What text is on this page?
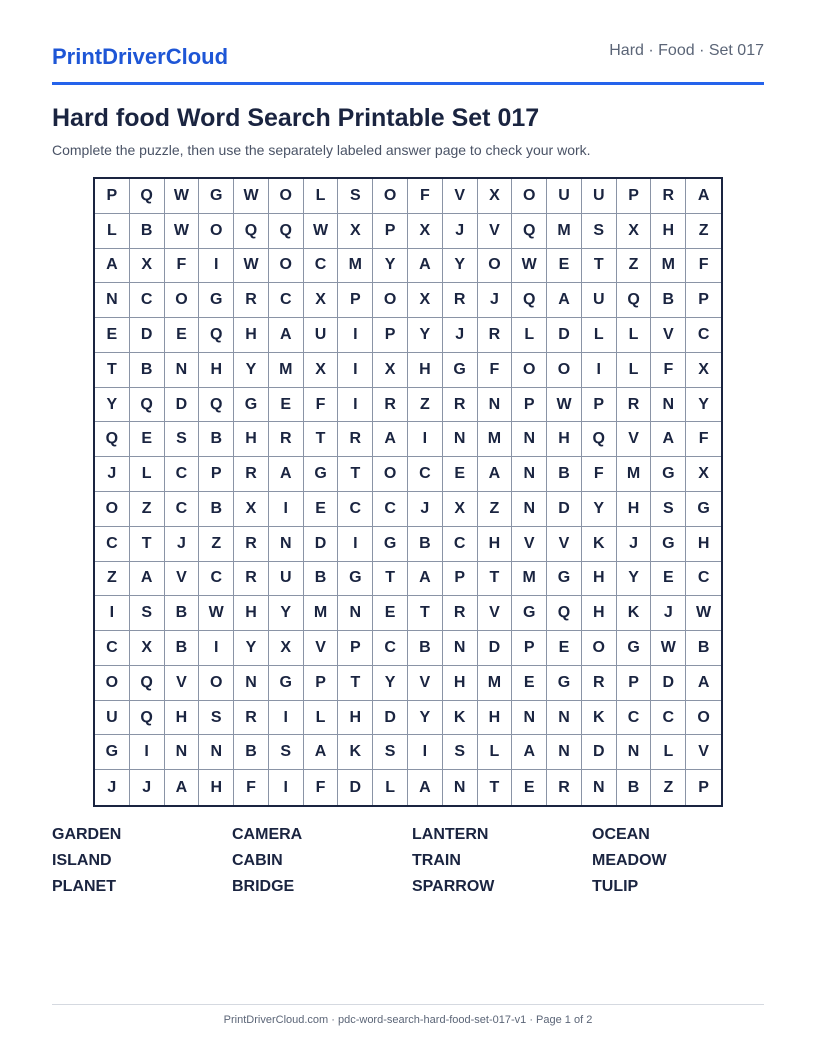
PrintDriverCloud	Hard · Food · Set 017
Hard food Word Search Printable Set 017
Complete the puzzle, then use the separately labeled answer page to check your work.
P	Q	W	G	W	O	L	S	O	F	V	X	O	U	U	P	R	A
L	B	W	O	Q	Q	W	X	P	X	J	V	Q	M	S	X	H	Z
A	X	F	I	W	O	C	M	Y	A	Y	O	W	E	T	Z	M	F
N	C	O	G	R	C	X	P	O	X	R	J	Q	A	U	Q	B	P
E	D	E	Q	H	A	U	I	P	Y	J	R	L	D	L	L	V	C
T	B	N	H	Y	M	X	I	X	H	G	F	O	O	I	L	F	X
Y	Q	D	Q	G	E	F	I	R	Z	R	N	P	W	P	R	N	Y
Q	E	S	B	H	R	T	R	A	I	N	M	N	H	Q	V	A	F
J	L	C	P	R	A	G	T	O	C	E	A	N	B	F	M	G	X
O	Z	C	B	X	I	E	C	C	J	X	Z	N	D	Y	H	S	G
C	T	J	Z	R	N	D	I	G	B	C	H	V	V	K	J	G	H
Z	A	V	C	R	U	B	G	T	A	P	T	M	G	H	Y	E	C
I	S	B	W	H	Y	M	N	E	T	R	V	G	Q	H	K	J	W
C	X	B	I	Y	X	V	P	C	B	N	D	P	E	O	G	W	B
O	Q	V	O	N	G	P	T	Y	V	H	M	E	G	R	P	D	A
U	Q	H	S	R	I	L	H	D	Y	K	H	N	N	K	C	C	O
G	I	N	N	B	S	A	K	S	I	S	L	A	N	D	N	L	V
J	J	A	H	F	I	F	D	L	A	N	T	E	R	N	B	Z	P
GARDEN	CAMERA	LANTERN	OCEAN
ISLAND	CABIN	TRAIN	MEADOW
PLANET	BRIDGE	SPARROW	TULIP
PrintDriverCloud.com · pdc-word-search-hard-food-set-017-v1 · Page 1 of 2
